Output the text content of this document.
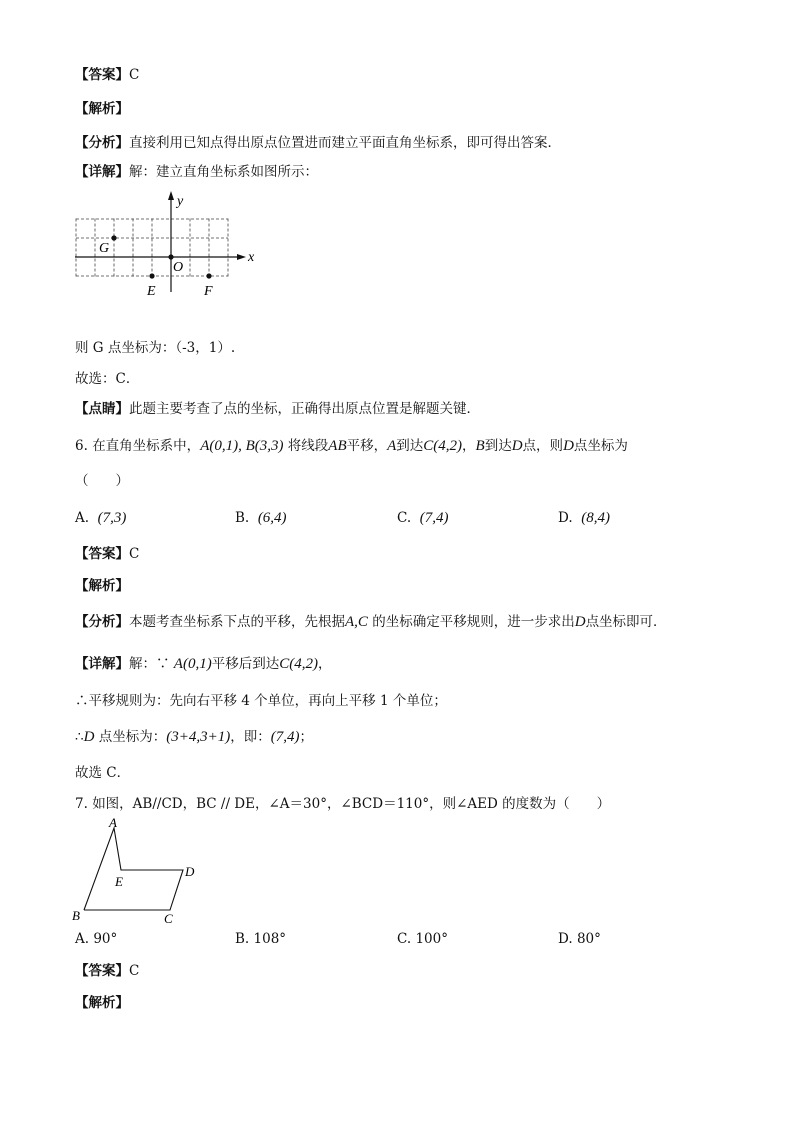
【答案】C
【解析】
【分析】直接利用已知点得出原点位置进而建立平面直角坐标系，即可得出答案．
【详解】解：建立直角坐标系如图所示：
x
y
O
G
E	F
则 G 点坐标为：（-3，1）.
故选：C．
【点睛】此题主要考查了点的坐标，正确得出原点位置是解题关键．
6. 在直角坐标系中，A(0,1), B(3,3) 将线段AB平移，A到达C(4,2)，B到达D点，则D点坐标为
（　　）
A. (7,3)	B. (6,4)	C. (7,4)	D. (8,4)
【答案】C
【解析】
【分析】本题考查坐标系下点的平移，先根据A,C 的坐标确定平移规则，进一步求出D点坐标即可．
【详解】解：∵ A(0,1)平移后到达C(4,2)，
∴平移规则为：先向右平移 4 个单位，再向上平移 1 个单位；
∴D 点坐标为：(3+4,3+1)，即：(7,4)；
故选 C．
7. 如图，AB//CD，BC // DE，∠A＝30°，∠BCD＝110°，则∠AED 的度数为（　　）
A
E
D
B	C
A. 90°	B. 108°	C. 100°	D. 80°
【答案】C
【解析】
